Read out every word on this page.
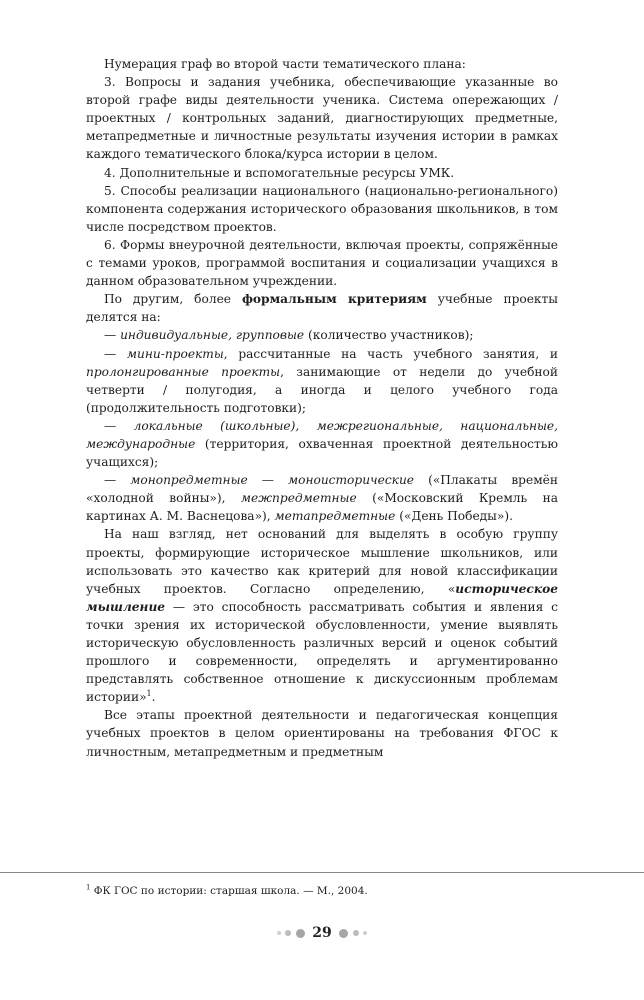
Нумерация граф во второй части тематического плана:

3. Вопросы и задания учебника, обеспечивающие указанные во второй графе виды деятельности ученика. Система опережающих / проектных / контрольных заданий, диагностирующих предметные, метапредметные и личностные результаты изучения истории в рамках каждого тематического блока/курса истории в целом.

4. Дополнительные и вспомогательные ресурсы УМК.

5. Способы реализации национального (национально-регионального) компонента содержания исторического образования школьников, в том числе посредством проектов.

6. Формы внеурочной деятельности, включая проекты, сопряжённые с темами уроков, программой воспитания и социализации учащихся в данном образовательном учреждении.

По другим, более формальным критериям учебные проекты делятся на:

— индивидуальные, групповые (количество участников);

— мини-проекты, рассчитанные на часть учебного занятия, и пролонгированные проекты, занимающие от недели до учебной четверти / полугодия, а иногда и целого учебного года (продолжительность подготовки);

— локальные (школьные), межрегиональные, национальные, международные (территория, охваченная проектной деятельностью учащихся);

— монопредметные — моноисторические («Плакаты времён «холодной войны»), межпредметные («Московский Кремль на картинах А. М. Васнецова»), метапредметные («День Победы»).

На наш взгляд, нет оснований для выделять в особую группу проекты, формирующие историческое мышление школьников, или использовать это качество как критерий для новой классификации учебных проектов. Согласно определению, «историческое мышление — это способность рассматривать события и явления с точки зрения их исторической обусловленности, умение выявлять историческую обусловленность различных версий и оценок событий прошлого и современности, определять и аргументированно представлять собственное отношение к дискуссионным проблемам истории»$^1$.

Все этапы проектной деятельности и педагогическая концепция учебных проектов в целом ориентированы на требования ФГОС к личностным, метапредметным и предметным

$^1$ ФК ГОС по истории: старшая школа. — М., 2004.
29
